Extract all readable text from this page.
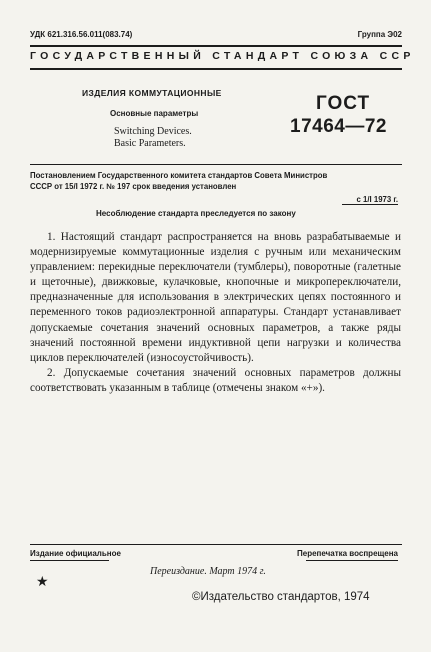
УДК 621.316.56.011(083.74)	Группа Э02
ГОСУДАРСТВЕННЫЙ СТАНДАРТ СОЮЗА ССР
ИЗДЕЛИЯ КОММУТАЦИОННЫЕ
Основные параметры
Switching Devices.
Basic Parameters.
ГОСТ
17464—72
Постановлением Государственного комитета стандартов Совета Министров
СССР от 15/I 1972 г. № 197 срок введения установлен
с 1/I 1973 г.
Несоблюдение стандарта преследуется по закону

1. Настоящий стандарт распространяется на вновь разрабатываемые и модернизируемые коммутационные изделия с ручным или механическим управлением: перекидные переключатели (тумблеры), поворотные (галетные и щеточные), движковые, кулачковые, кнопочные и микропереключатели, предназначенные для использования в электрических цепях постоянного и переменного токов радиоэлектронной аппаратуры. Стандарт устанавливает допускаемые сочетания значений основных параметров, а также ряды значений постоянной времени индуктивной цепи нагрузки и количества циклов переключателей (износоустойчивость).

2. Допускаемые сочетания значений основных параметров должны соответствовать указанным в таблице (отмечены знаком «+»).

Издание официальное	Перепечатка воспрещена
Переиздание. Март 1974 г.
★
©Издательство стандартов, 1974
